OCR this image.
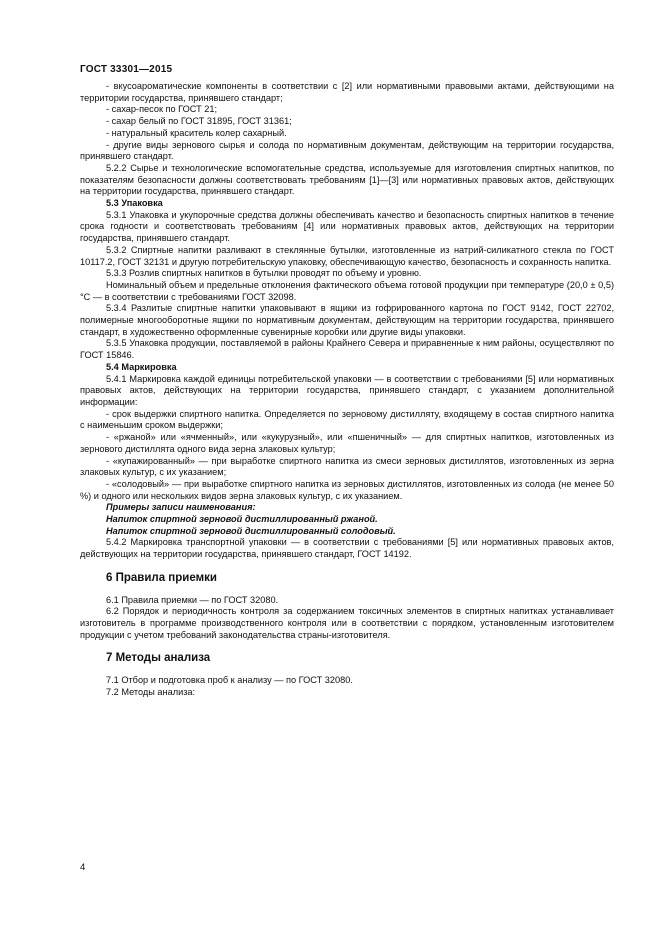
ГОСТ 33301—2015

- вкусоароматические компоненты в соответствии с [2] или нормативными правовыми актами, действующими на территории государства, принявшего стандарт;

- сахар-песок по ГОСТ 21;

- сахар белый по ГОСТ 31895, ГОСТ 31361;

- натуральный краситель колер сахарный.

- другие виды зернового сырья и солода по нормативным документам, действующим на территории государства, принявшего стандарт.

5.2.2 Сырье и технологические вспомогательные средства, используемые для изготовления спиртных напитков, по показателям безопасности должны соответствовать требованиям [1]—[3] или нормативных правовых актов, действующих на территории государства, принявшего стандарт.

5.3 Упаковка

5.3.1 Упаковка и укупорочные средства должны обеспечивать качество и безопасность спиртных напитков в течение срока годности и соответствовать требованиям [4] или нормативных правовых актов, действующих на территории государства, принявшего стандарт.

5.3.2 Спиртные напитки разливают в стеклянные бутылки, изготовленные из натрий-силикатного стекла по ГОСТ 10117.2, ГОСТ 32131 и другую потребительскую упаковку, обеспечивающую качество, безопасность и сохранность напитка.

5.3.3 Розлив спиртных напитков в бутылки проводят по объему и уровню.

Номинальный объем и предельные отклонения фактического объема готовой продукции при температуре (20,0 ± 0,5) °С — в соответствии с требованиями ГОСТ 32098.

5.3.4 Разлитые спиртные напитки упаковывают в ящики из гофрированного картона по ГОСТ 9142, ГОСТ 22702, полимерные многооборотные ящики по нормативным документам, действующим на территории государства, принявшего стандарт, в художественно оформленные сувенирные коробки или другие виды упаковки.

5.3.5 Упаковка продукции, поставляемой в районы Крайнего Севера и приравненные к ним районы, осуществляют по ГОСТ 15846.

5.4 Маркировка

5.4.1 Маркировка каждой единицы потребительской упаковки — в соответствии с требованиями [5] или нормативных правовых актов, действующих на территории государства, принявшего стандарт, с указанием дополнительной информации:

- срок выдержки спиртного напитка. Определяется по зерновому дистилляту, входящему в состав спиртного напитка с наименьшим сроком выдержки;

- «ржаной» или «ячменный», или «кукурузный», или «пшеничный» — для спиртных напитков, изготовленных из зернового дистиллята одного вида зерна злаковых культур;

- «купажированный» — при выработке спиртного напитка из смеси зерновых дистиллятов, изготовленных из зерна злаковых культур, с их указанием;

- «солодовый» — при выработке спиртного напитка из зерновых дистиллятов, изготовленных из солода (не менее 50 %) и одного или нескольких видов зерна злаковых культур, с их указанием.

Примеры записи наименования:

Напиток спиртной зерновой дистиллированный ржаной.

Напиток спиртной зерновой дистиллированный солодовый.

5.4.2 Маркировка транспортной упаковки — в соответствии с требованиями [5] или нормативных правовых актов, действующих на территории государства, принявшего стандарт, ГОСТ 14192.

6 Правила приемки

6.1 Правила приемки — по ГОСТ 32080.

6.2 Порядок и периодичность контроля за содержанием токсичных элементов в спиртных напитках устанавливает изготовитель в программе производственного контроля или в соответствии с порядком, установленным изготовителем продукции с учетом требований законодательства страны-изготовителя.

7 Методы анализа

7.1 Отбор и подготовка проб к анализу — по ГОСТ 32080.

7.2 Методы анализа:

4
